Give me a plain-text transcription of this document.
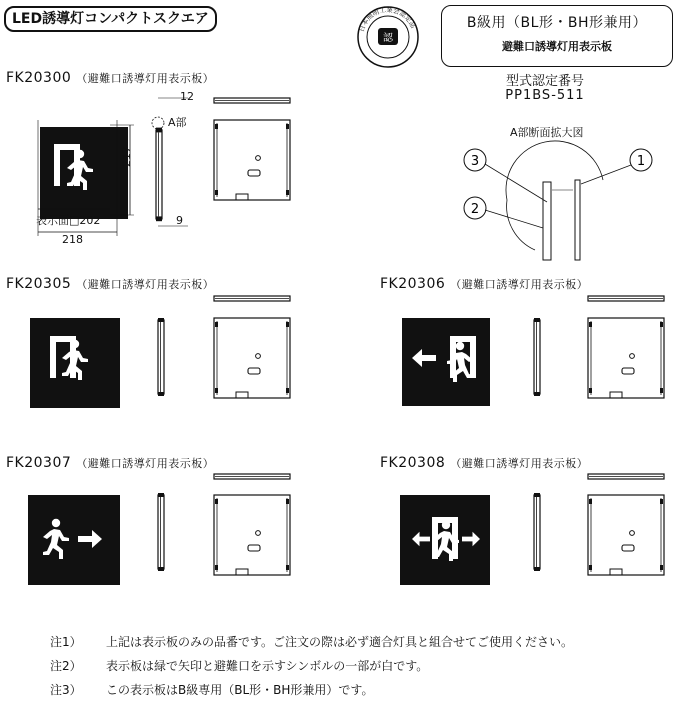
LED誘導灯コンパクトスクエア
認
日本照明工業会認定品	B級用（BL形・BH形兼用）
避難口誘導灯用表示板
型式認定番号
PP1BS-511
FK20300 （避難口誘導灯用表示板）
217
表示面□202
218
12
9
A部
A部断面拡大図
3	1
2
FK20305 （避難口誘導灯用表示板）	FK20306 （避難口誘導灯用表示板）
FK20307 （避難口誘導灯用表示板）	FK20308 （避難口誘導灯用表示板）
注1） 上記は表示板のみの品番です。ご注文の際は必ず適合灯具と組合せてご使用ください。
注2） 表示板は緑で矢印と避難口を示すシンボルの一部が白です。
注3） この表示板はB級専用（BL形・BH形兼用）です。
